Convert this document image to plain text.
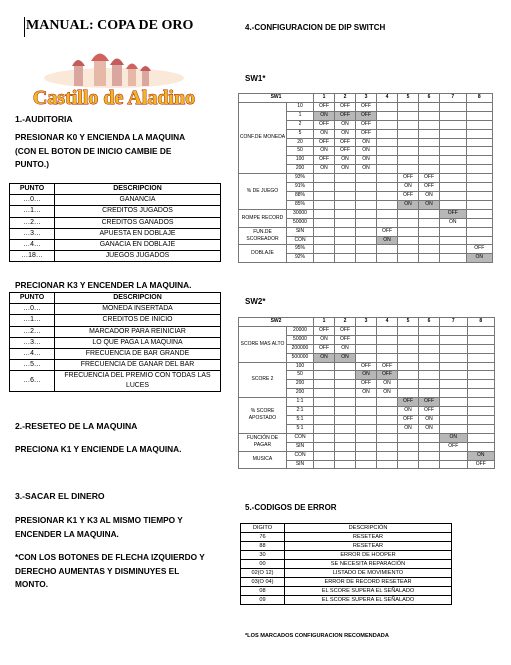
MANUAL: COPA DE ORO
Castillo de Aladino
1.-AUDITORIA
PRESIONAR K0 Y ENCIENDA LA MAQUINA
(CON EL BOTON DE INICIO CAMBIE DE
PUNTO.)
PUNTO	DESCRIPCION
…0…	GANANCIA
…1…	CREDITOS JUGADOS
…2…	CREDITOS GANADOS
…3…	APUESTA EN DOBLAJE
…4…	GANACIA EN DOBLAJE
…18…	JUEGOS JUGADOS
PRECIONAR K3 Y ENCENDER LA MAQUINA.
PUNTO	DESCRIPCION
…0…	MONEDA INSERTADA
…1…	CREDITOS DE INICIO
…2…	MARCADOR PARA REINICIAR
…3…	LO QUE PAGA LA MAQUINA
…4…	FRECUENCIA DE BAR GRANDE
…5…	FRECUENCIA DE GANAR DEL BAR
…6…	FRECUENCIA DEL PREMIO CON TODAS LAS LUCES
2.-RESETEO DE LA MAQUINA
PRECIONA K1 Y ENCIENDE LA MAQUINA.
3.-SACAR EL DINERO
PRESIONAR K1 Y K3 AL MISMO TIEMPO Y
ENCENDER LA MAQUINA.
*CON LOS BOTONES DE FLECHA IZQUIERDO Y
DERECHO AUMENTAS Y DISMINUYES EL
MONTO.
4.-CONFIGURACION DE DIP SWITCH
SW1*
SW1		1	2	3	4	5	6	7	8
CONF.DE MONEDA	10	OFF	OFF	OFF					
	1	ON	OFF	OFF					
	2	OFF	ON	OFF					
	5	ON	ON	OFF					
	20	OFF	OFF	ON					
	50	ON	OFF	ON					
	100	OFF	ON	ON					
	200	ON	ON	ON					
% DE JUEGO	93%					OFF	OFF		
	91%					ON	OFF		
	88%					OFF	ON		
	85%					ON	ON		
ROMPE RECORD	30000							OFF	
	50000							ON	
FUN.DE SCOREADOR	SIN				OFF				
	CON				ON				
DOBLAJE	95%								OFF
	92%								ON
SW2*
SW2		1	2	3	4	5	6	7	8
SCORE MAS ALTO	20000	OFF	OFF						
	50000	ON	OFF						
	200000	OFF	ON						
	500000	ON	ON						
SCORE 2	100			OFF	OFF				
	50			ON	OFF				
	200			OFF	ON				
	200			ON	ON				
% SCORE APOSTADO	1:1					OFF	OFF		
	2:1					ON	OFF		
	5:1					OFF	ON		
	5:1					ON	ON		
FUNCIÓN DE PAGAR	CON							ON	
	SIN							OFF	
MUSICA	CON								ON
	SIN								OFF
5.-CODIGOS DE ERROR
DIGITO	DESCRIPCIÓN
76	RESETEAR
88	RESETEAR
30	ERROR DE HOOPER
00	SE NECESITA REPARACIÓN
02(O 12)	LISTADO DE MOVIMIENTO
03(O 04)	ERROR DE RECORD RESETEAR
08	EL SCORE SUPERA EL SEÑALADO
09	EL SCORE SUPERA EL SEÑALADO
*LOS MARCADOS CONFIGURACION RECOMENDADA
